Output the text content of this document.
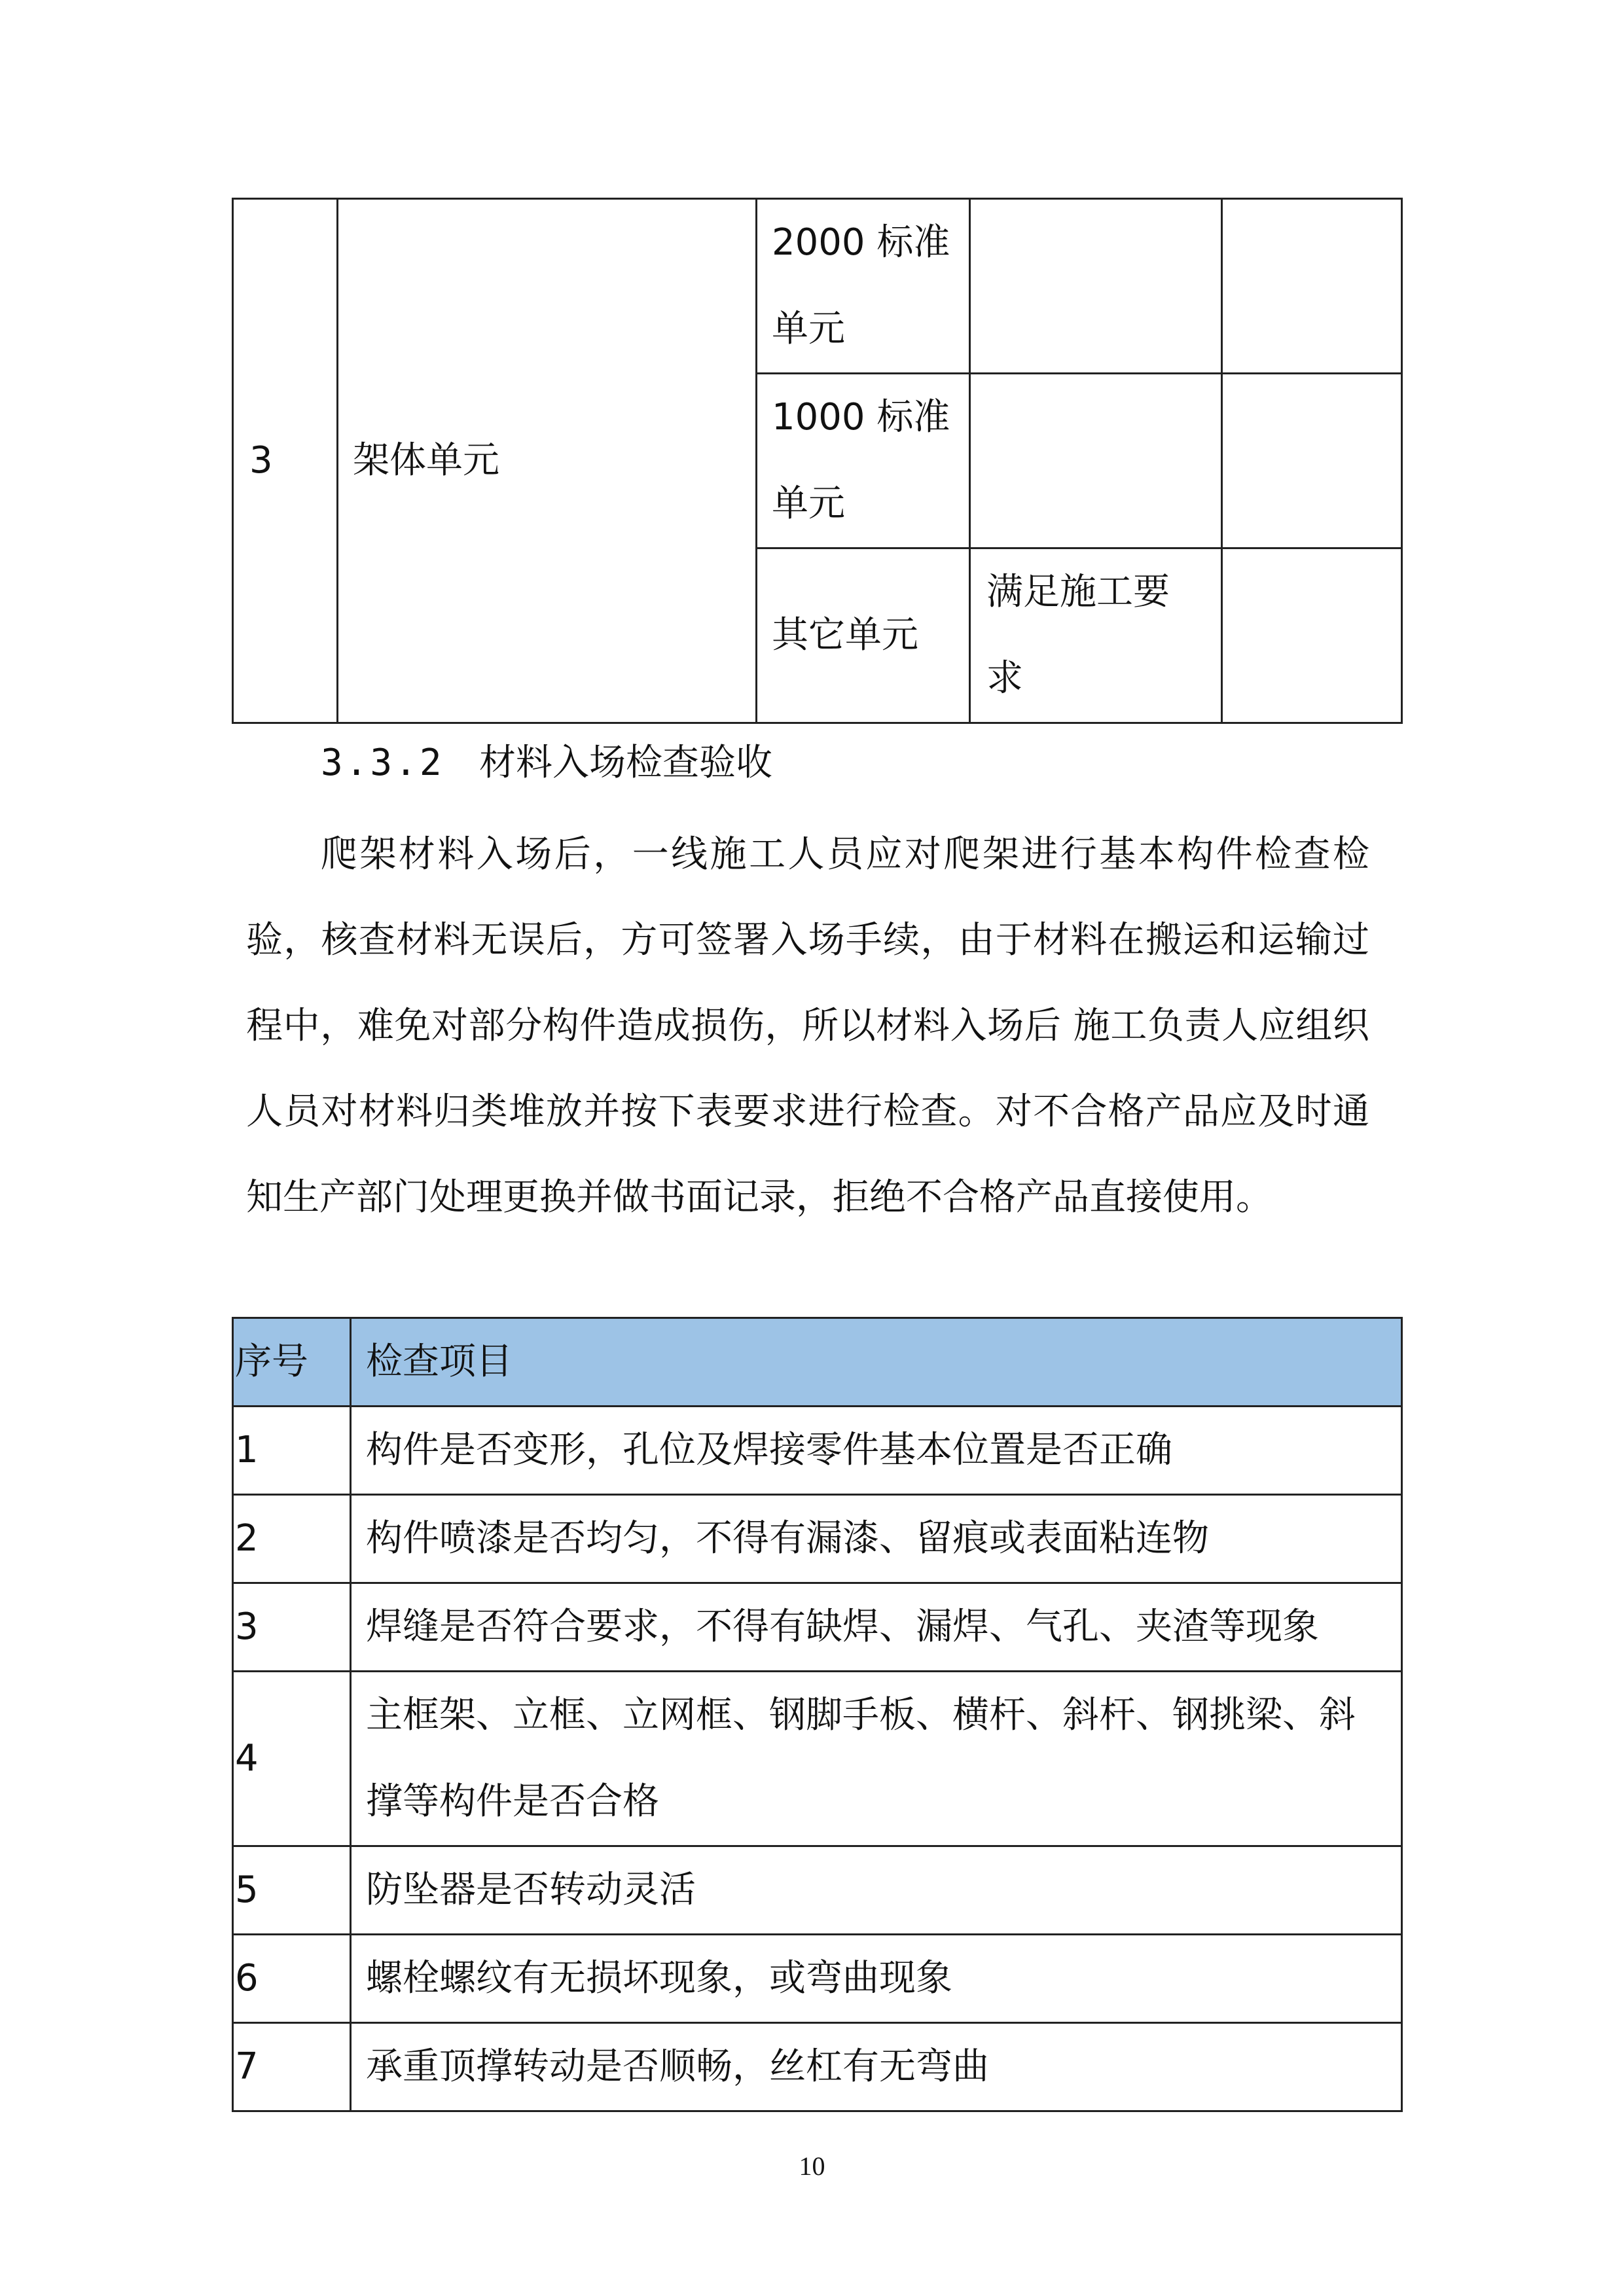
3	架体单元	2000 标准
单元		
		1000 标准
单元		
		其它单元	满足施工要
求	
3.3.2 材料入场检查验收

爬架材料入场后，一线施工人员应对爬架进行基本构件检查检验，核查材料无误后，方可签署入场手续，由于材料在搬运和运输过程中，难免对部分构件造成损伤，所以材料入场后 施工负责人应组织人员对材料归类堆放并按下表要求进行检查。对不合格产品应及时通知生产部门处理更换并做书面记录，拒绝不合格产品直接使用。

序号	检查项目
1	构件是否变形，孔位及焊接零件基本位置是否正确
2	构件喷漆是否均匀，不得有漏漆、留痕或表面粘连物
3	焊缝是否符合要求，不得有缺焊、漏焊、气孔、夹渣等现象
4	主框架、立框、立网框、钢脚手板、横杆、斜杆、钢挑梁、斜
撑等构件是否合格
5	防坠器是否转动灵活
6	螺栓螺纹有无损坏现象，或弯曲现象
7	承重顶撑转动是否顺畅，丝杠有无弯曲
10
